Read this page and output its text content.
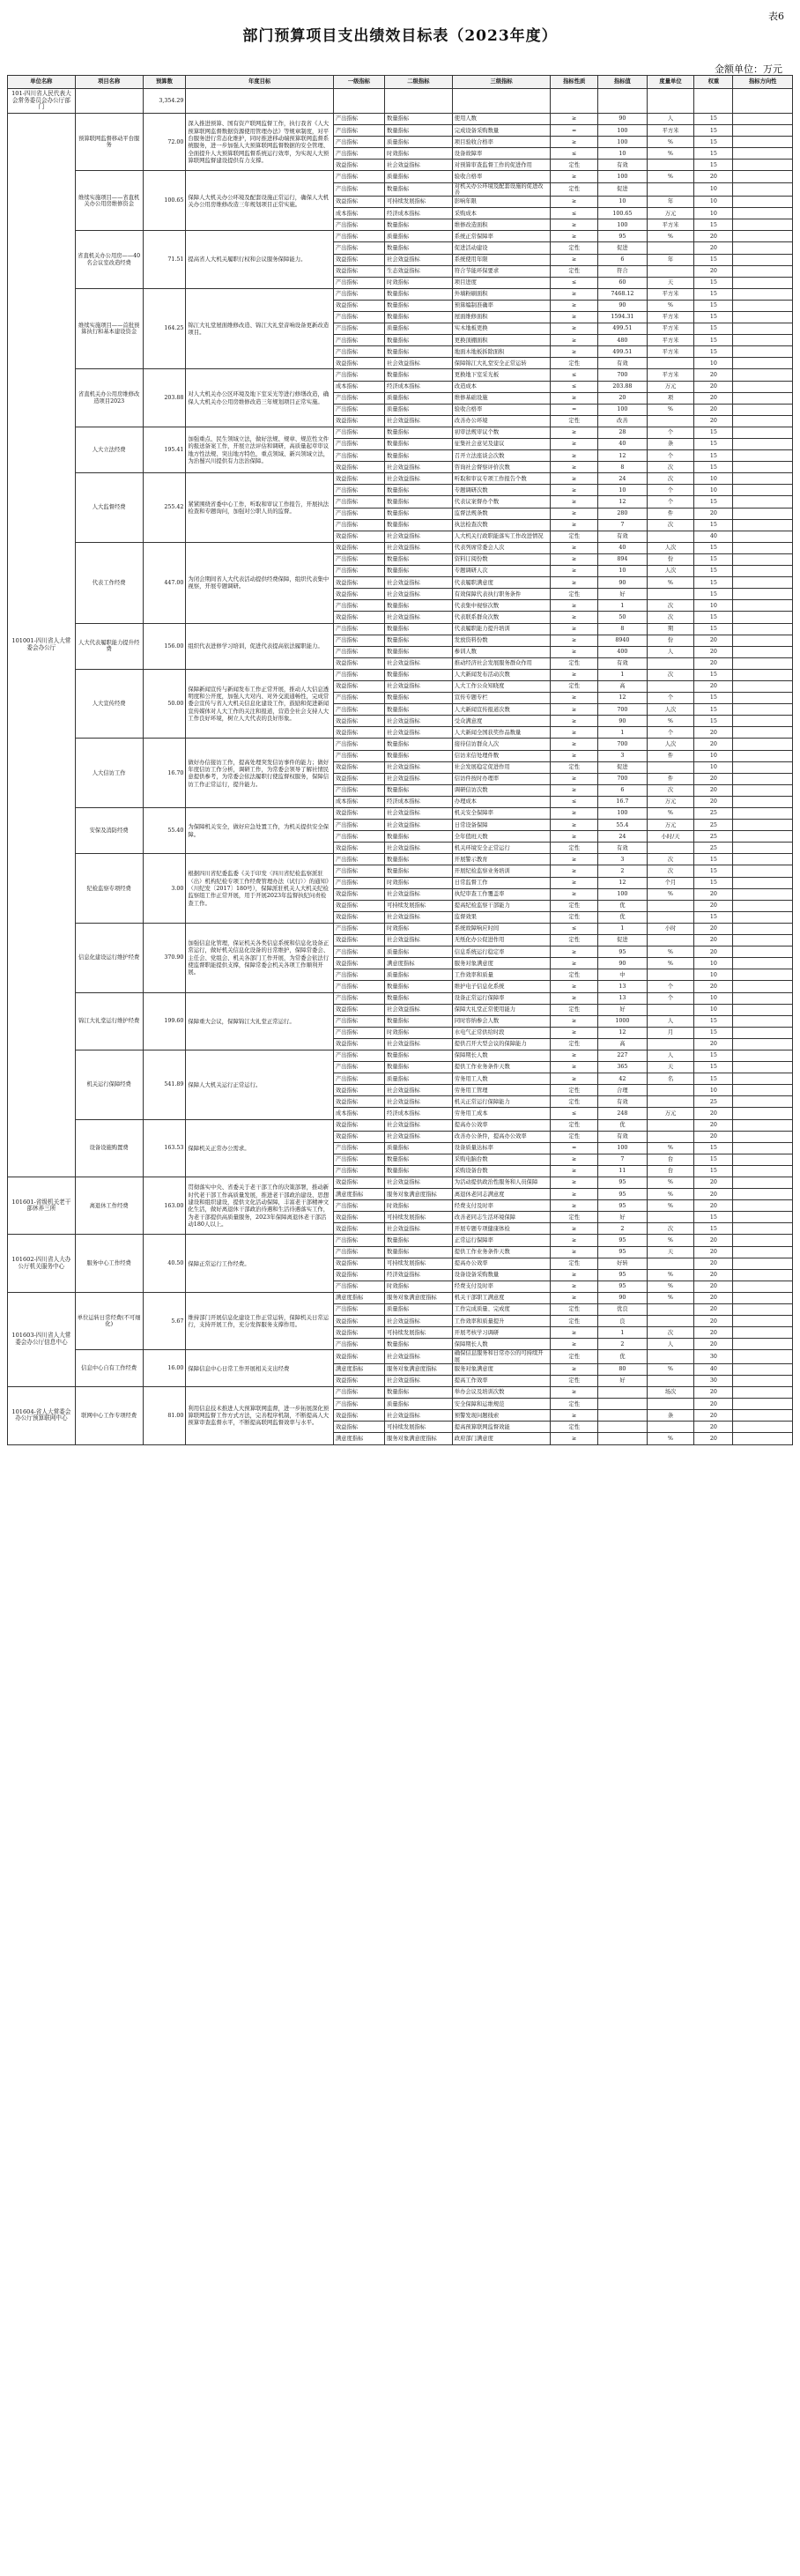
表6
部门预算项目支出绩效目标表（2023年度）
金额单位：万元
单位名称	项目名称	预算数	年度目标	一级指标	二级指标	三级指标	指标性质	指标值	度量单位	权重	指标方向性
101-四川省人民代表大会常务委员会办公厅部门		3,354.29									
101001-四川省人大常委会办公厅	预算联网监督移动平台服务	72.00	深入推进预算、国有资产联网监督工作，执行我省《人大预算联网监督数据资源使用管理办法》等规章制度，对平台服务进行常态化维护，同时推进移动端预算联网监督系统服务，进一步加强人大预算联网监督数据的安全管理、全面提升人大预算联网监督系统运行效率，为实现人大预算联网监督建设提供有力支撑。	产出指标	数量指标	使用人数	≥	90	人	15	
				产出指标	数量指标	完成设备采购数量	=	100	平方米	15	
				产出指标	质量指标	项目验收合格率	≥	100	%	15	
				产出指标	时效指标	设备故障率	≤	10	%	15	
				效益指标	社会效益指标	对预算审查监督工作的促进作用	定性	有效		15	
	维续实施项目——省直机关办公用房维修资金	100.65	保障人大机关办公环境及配套设施正常运行，确保人大机关办公用房维修改造三年规划项目正常实施。	产出指标	质量指标	验收合格率	≥	100	%	20	
				产出指标	数量指标	对机关办公环境及配套设施的促进改善	定性	促进		10	
				效益指标	可持续发展指标	影响年限	≥	10	年	10	
				成本指标	经济成本指标	采购成本	≤	100.65	万元	10	
				产出指标	数量指标	维修改造面积	≥	100	平方米	15	
	省直机关办公用房——40名会议室改造经费	71.51	提高省人大机关履职行权和会议服务保障能力。	产出指标	质量指标	系统正常保障率	≥	95	%	20	
				产出指标	数量指标	促进活动建设	定性	促进		20	
				效益指标	社会效益指标	系统使用年限	≥	6	年	15	
				效益指标	生态效益指标	符合节能环保要求	定性	符合		20	
				产出指标	时效指标	项目进度	≤	60	天	15	
	维续实施项目——首批预算执行和基本建设资金	164.25	锦江大礼堂屋面维修改造、锦江大礼堂音响设备更新改造项目。	产出指标	数量指标	外墙粉刷面积	≥	7468.12	平方米	15	
				效益指标	数量指标	预算编制准确率	≥	90	%	15	
				产出指标	数量指标	屋面维修面积	≥	1594.31	平方米	15	
				产出指标	质量指标	实木地板更换	≥	499.51	平方米	15	
				产出指标	数量指标	更换顶棚面积	≥	480	平方米	15	
				产出指标	数量指标	地面木地板拆除面积	≥	499.51	平方米	15	
				效益指标	社会效益指标	保障锦江大礼堂安全正常运转	定性	有效		10	
	省直机关办公用房维修改造项目2023	203.88	对人大机关办公区环境及地下室采光等进行修缮改造，确保人大机关办公用房维修改造三年规划项目正常实施。	产出指标	数量指标	更换地下室采光板	≤	700	平方米	20	
				成本指标	经济成本指标	改造成本	≤	203.88	万元	20	
				产出指标	质量指标	维修基础设施	≥	20	项	20	
				产出指标	质量指标	验收合格率	=	100	%	20	
				效益指标	社会效益指标	改善办公环境	定性	改善		20	
	人大立法经费	195.41	加强重点、民生领域立法，做好法规、规章、规范性文件的报送备案工作，开展立法评估和调研，高质量起草审议地方性法规、突出地方特色，重点领域、新兴领域立法，为治蜀兴川提供有力法治保障。	产出指标	数量指标	初审法规审议个数	≥	28	个	15	
				产出指标	数量指标	征集社会意见及建议	≥	40	条	15	
				产出指标	数量指标	召开立法座谈会次数	≥	12	个	15	
				效益指标	社会效益指标	咨询社会督察评价次数	≥	8	次	15	
	人大监督经费	255.42	紧紧围绕省委中心工作，听取和审议工作报告，开展执法检查和专题询问，加强对公职人员的监督。	效益指标	社会效益指标	听取和审议专项工作报告个数	≥	24	次	10	
				产出指标	数量指标	专题调研次数	≥	10	个	10	
				产出指标	数量指标	代表议案督办个数	≥	12	个	15	
				产出指标	数量指标	监督法规条数	≥	280	件	20	
				产出指标	数量指标	执法检查次数	≥	7	次	15	
				效益指标	社会效益指标	人大机关行政职能落实工作改进情况	定性	有效		40	
	代表工作经费	447.00	为闭会期间省人大代表活动提供经费保障，组织代表集中视察，开展专题调研。	效益指标	社会效益指标	代表列席常委会人次	≥	40	人次	15	
				产出指标	数量指标	资料订阅份数	≥	894	份	15	
				产出指标	数量指标	专题调研人次	≥	10	人次	15	
				效益指标	社会效益指标	代表履职满意度	≥	90	%	15	
				效益指标	社会效益指标	有效保障代表执行职务条件	定性	好		15	
				产出指标	数量指标	代表集中视察次数	≥	1	次	10	
				效益指标	社会效益指标	代表联系群众次数	≥	50	次	15	
	人大代表履职能力提升经费	156.00	组织代表进修学习培训，促进代表提高依法履职能力。	产出指标	数量指标	代表履职能力提升培训	≥	8	期	15	
				产出指标	数量指标	发放资料份数	≥	8940	份	20	
				产出指标	数量指标	参训人数	≥	400	人	20	
				效益指标	社会效益指标	推动经济社会发展服务群众作用	定性	有效		20	
	人大宣传经费	50.00	保障新闻宣传与新闻发布工作正常开展，推动人大信息透明度和公开度，加强人大对内、对外交流通畅性，完成常委会宣传与省人大机关信息化建设工作，鼓励和促进新闻宣传媒体对人大工作的关注和报道，营造全社会支持人大工作良好环境，树立人大代表的良好形象。	产出指标	数量指标	人大新闻发布活动次数	≥	1	次	15	
				效益指标	社会效益指标	人大工作公众知晓度	定性	高		20	
				产出指标	数量指标	宣传专题专栏	≥	12	个	15	
				产出指标	数量指标	人大新闻宣传报道次数	≥	700	人次	15	
				效益指标	社会效益指标	受众满意度	≥	90	%	15	
				效益指标	社会效益指标	人大新闻全国获奖作品数量	≥	1	个	20	
	人大信访工作	16.70	做好办信接访工作，提高处理突发信访事件的能力；做好年度信访工作分析，调研工作，为常委会领导了解社情民意提供参考，为常委会依法履职行使监督权服务，保障信访工作正常运行，提升能力。	产出指标	数量指标	接待信访群众人次	≥	700	人次	20	
				产出指标	数量指标	信访来信处理件数	≥	3	件	10	
				效益指标	社会效益指标	社会发展稳定促进作用	定性	促进		10	
				效益指标	社会效益指标	信访件按时办理率	≥	700	件	20	
				产出指标	数量指标	调研信访次数	≥	6	次	20	
				成本指标	经济成本指标	办理成本	≤	16.7	万元	20	
	安保及消防经费	55.40	为保障机关安全，做好应急处置工作，为机关提供安全保障。	效益指标	社会效益指标	机关安全保障率	≥	100	%	25	
				产出指标	社会效益指标	日常设备保障	≥	55.4	万元	25	
				产出指标	数量指标	全年值班天数	≥	24	小时/天	25	
				效益指标	社会效益指标	机关环境安全正常运行	定性	有效		25	
	纪检监察专项经费	3.00	根据四川省纪委监委《关于印发〈四川省纪检监察派驻（出）机构纪检专项工作经费管理办法（试行）〉的通知》（川纪发〔2017〕180号），保障派驻机关人大机关纪检监察组工作正常开展，用于开展2023年监督执纪问责检查工作。	产出指标	数量指标	开展警示教育	≥	3	次	15	
				产出指标	数量指标	开展纪检监察业务培训	≥	2	次	15	
				产出指标	时效指标	日常监督工作	≥	12	个月	15	
				效益指标	社会效益指标	执纪审查工作覆盖率	≥	100	%	20	
				效益指标	可持续发展指标	提高纪检监察干部能力	定性	优		20	
				效益指标	社会效益指标	监督效果	定性	优		15	
	信息化建设运行维护经费	370.90	加强信息化管理，保证机关各类信息系统和信息化设备正常运行，做好机关信息化设备的日常维护，保障常委会、主任会、党组会、机关各部门工作开展，为常委会依法行使监督职能提供支撑，保障常委会机关各项工作顺利开展。	产出指标	时效指标	系统故障响应时间	≤	1	小时	20	
				效益指标	社会效益指标	无纸化办公促进作用	定性	促进		20	
				产出指标	质量指标	信息系统运行稳定率	≥	95	%	20	
				效益指标	满意度指标	服务对象满意度	≥	90	%	10	
				产出指标	质量指标	工作效率和质量	定性	中		10	
				产出指标	数量指标	维护电子信息化系统	≥	13	个	20	
	锦江大礼堂运行维护经费	199.60	保障重大会议，保障锦江大礼堂正常运行。	产出指标	数量指标	设备正常运行保障率	≥	13	个	10	
				效益指标	社会效益指标	保障大礼堂正常使用能力	定性	好		10	
				产出指标	数量指标	同时容纳参会人数	≥	1000	人	15	
				产出指标	时效指标	水电气正常供给时段	≥	12	月	15	
				效益指标	社会效益指标	提供召开大型会议的保障能力	定性	高		20	
	机关运行保障经费	541.89	保障人大机关运行正常运行。	产出指标	数量指标	保障期长人数	≥	227	人	15	
				产出指标	数量指标	提供工作业务条件天数	≥	365	天	15	
				产出指标	质量指标	劳务用工人数	≥	42	名	15	
				效益指标	社会效益指标	劳务用工管理	定性	合理		10	
				效益指标	社会效益指标	机关正常运行保障能力	定性	有效		25	
				成本指标	经济成本指标	劳务用工成本	≤	248	万元	20	
	设备设施购置费	163.53	保障机关正常办公需求。	效益指标	社会效益指标	提高办公效率	定性	优		20	
				效益指标	社会效益指标	改善办公条件，提高办公效率	定性	有效		20	
				产出指标	质量指标	设备质量达标率	=	100	%	15	
				产出指标	数量指标	采购电脑台数	≥	7	台	15	
				产出指标	数量指标	采购设备台数	≥	11	台	15	
101601-省级机关老干部休养三所	离退休工作经费	163.00	贯彻落实中央、省委关于老干部工作的决策部署，推动新时代老干部工作高质量发展，推进老干部政治建设、思想建设和组织建设，提供文化活动保障，丰富老干部精神文化生活，做好离退休干部政治待遇和生活待遇落实工作，为老干部提供高质量服务，2023年保障离退休老干部活动180人以上。	效益指标	社会效益指标	为活动提供政治性服务和人员保障	≥	95	%	20	
				满意度指标	服务对象满意度指标	离退休老同志满意度	≥	95	%	20	
				产出指标	时效指标	经费支付及时率	≥	95	%	20	
				效益指标	可持续发展指标	改善老同志生活环境保障	定性	好		15	
				效益指标	社会效益指标	开展专题专项健康体检	≥	2	次	15	
101602-四川省人大办公厅机关服务中心	服务中心工作经费	40.50	保障正常运行工作经费。	产出指标	数量指标	正常运行保障率	≥	95	%	20	
				产出指标	数量指标	提供工作业务条件天数	≥	95	天	20	
				效益指标	可持续发展指标	提高办公效率	定性	好转		20	
				效益指标	经济效益指标	设备设备采购数量	≥	95	%	20	
				产出指标	时效指标	经费支付及时率	≥	95	%	20	
101603-四川省人大常委会办公厅信息中心	单位运转日常经费(不可细化)	5.67	维持部门开展信息化建设工作正常运转，保障机关日常运行，支持开展工作，充分发挥服务支撑作用。	满意度指标	服务对象满意度指标	机关干部职工满意度	≥	90	%	20	
				产出指标	质量指标	工作完成质量、完成度	定性	优良		20	
				效益指标	社会效益指标	工作效率和质量提升	定性	良		20	
				效益指标	可持续发展指标	开展考核学习调研	≥	1	次	20	
				产出指标	数量指标	保障期长人数	≥	2	人	20	
	信息中心自有工作经费	16.00	保障信息中心日常工作开展相关支出经费	效益指标	社会效益指标	确保信息服务和日常办公的可持续开展	定性	优		30	
				满意度指标	服务对象满意度指标	服务对象满意度	≥	80	%	40	
				效益指标	社会效益指标	提高工作效率	定性	好		30	
101604-省人大常委会办公厅预算联网中心	联网中心工作专项经费	81.00	利用信息技术推进人大预算联网监督，进一步拓展深化预算联网监督工作方式方法，完善程序机制，不断提高人大预算审查监督水平，不断提高联网监督效率与水平。	产出指标	数量指标	举办会议及培训次数	≥		场次	20	
				产出指标	质量指标	安全保障和运维规范	定性			20	
				效益指标	社会效益指标	预警发现问题线索	≥		条	20	
				效益指标	可持续发展指标	提高预算联网监督效能	定性			20	
				满意度指标	服务对象满意度指标	政府部门满意度	≥		%	20	
